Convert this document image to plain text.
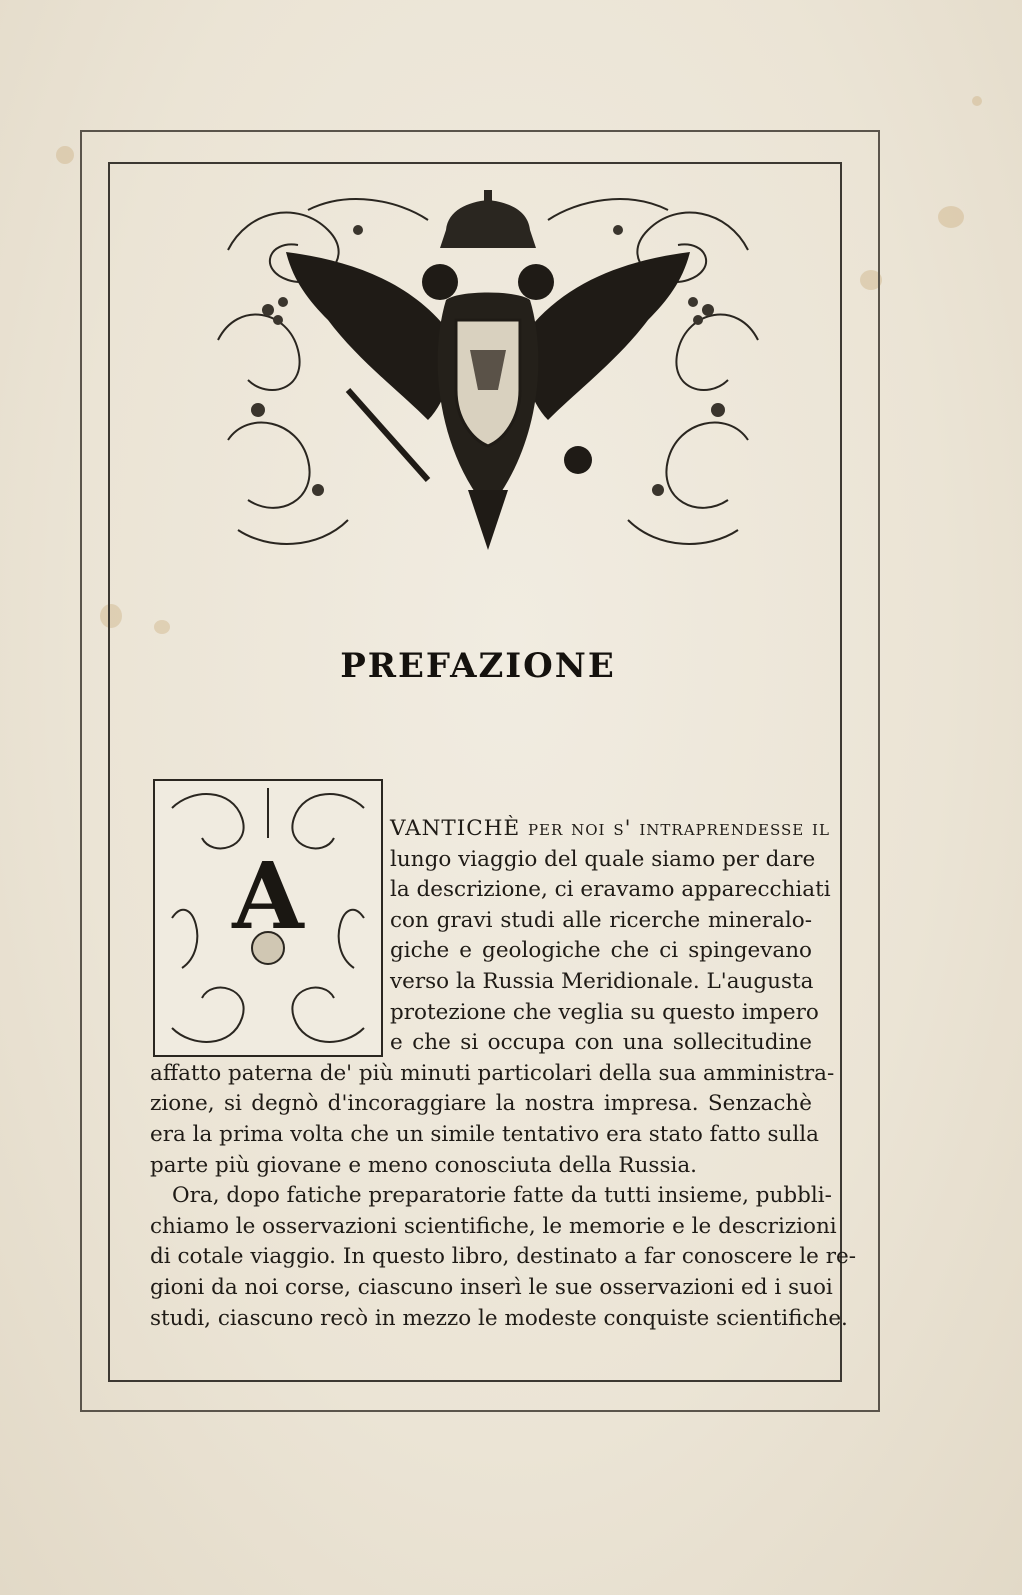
PREFAZIONE
A
VANTICHÈ per noi s' intraprendesse il
lungo viaggio del quale siamo per dare
la descrizione, ci eravamo apparecchiati
con gravi studi alle ricerche mineralo-
giche e geologiche che ci spingevano
verso la Russia Meridionale. L'augusta
protezione che veglia su questo impero
e che si occupa con una sollecitudine
affatto paterna de' più minuti particolari della sua amministra-
zione, si degnò d'incoraggiare la nostra impresa. Senzachè
era la prima volta che un simile tentativo era stato fatto sulla
parte più giovane e meno conosciuta della Russia.
Ora, dopo fatiche preparatorie fatte da tutti insieme, pubbli-
chiamo le osservazioni scientifiche, le memorie e le descrizioni
di cotale viaggio. In questo libro, destinato a far conoscere le re-
gioni da noi corse, ciascuno inserì le sue osservazioni ed i suoi
studi, ciascuno recò in mezzo le modeste conquiste scientifiche.
